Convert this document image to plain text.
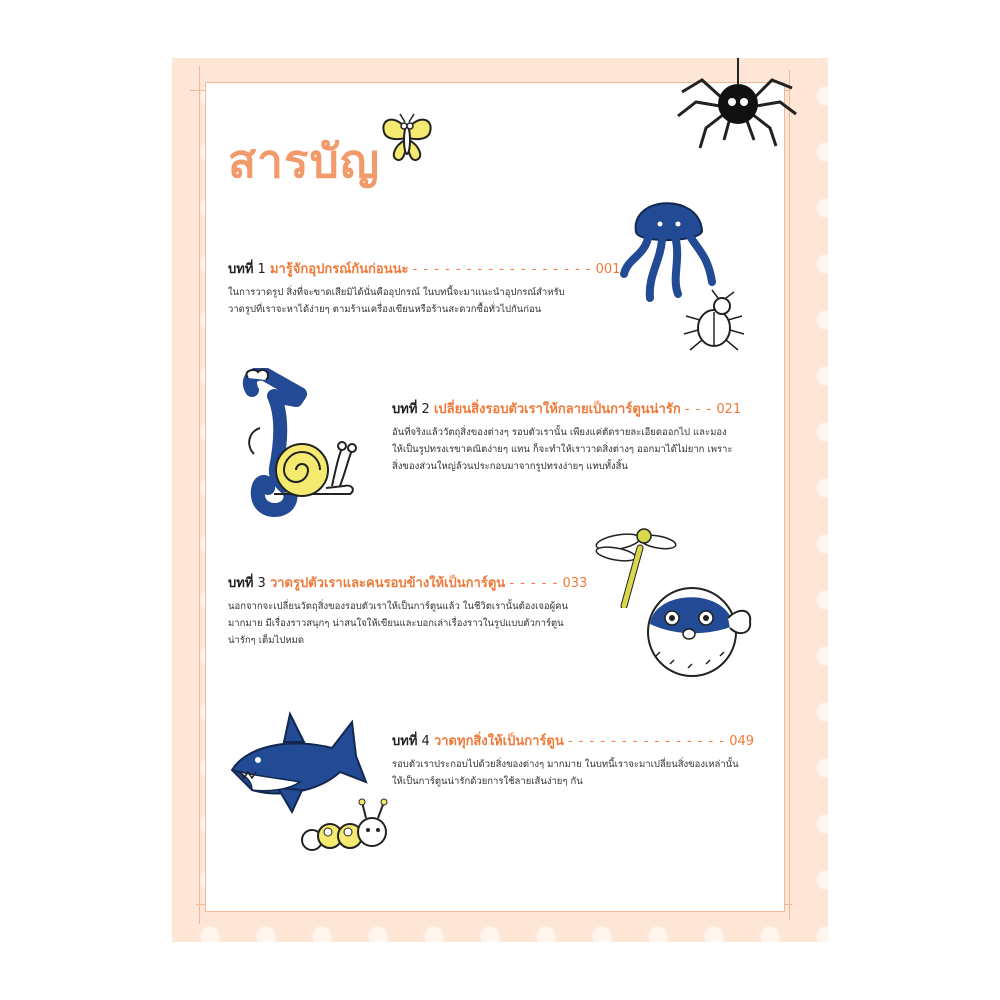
สารบัญ
บทที่ 1 มารู้จักอุปกรณ์กันก่อนนะ - - - - - - - - - - - - - - - - - 001
ในการวาดรูป สิ่งที่จะขาดเสียมิได้นั่นคืออุปกรณ์ ในบทนี้จะมาแนะนำอุปกรณ์สำหรับ
วาดรูปที่เราจะหาได้ง่ายๆ ตามร้านเครื่องเขียนหรือร้านสะดวกซื้อทั่วไปกันก่อน
บทที่ 2 เปลี่ยนสิ่งรอบตัวเราให้กลายเป็นการ์ตูนน่ารัก - - - 021
อันที่จริงแล้ววัตถุสิ่งของต่างๆ รอบตัวเรานั้น เพียงแค่ตัดรายละเอียดออกไป และมอง
ให้เป็นรูปทรงเรขาคณิตง่ายๆ แทน ก็จะทำให้เราวาดสิ่งต่างๆ ออกมาได้ไม่ยาก เพราะ
สิ่งของส่วนใหญ่ล้วนประกอบมาจากรูปทรงง่ายๆ แทบทั้งสิ้น
บทที่ 3 วาดรูปตัวเราและคนรอบข้างให้เป็นการ์ตูน - - - - - 033
นอกจากจะเปลี่ยนวัตถุสิ่งของรอบตัวเราให้เป็นการ์ตูนแล้ว ในชีวิตเรานั้นต้องเจอผู้คน
มากมาย มีเรื่องราวสนุกๆ น่าสนใจให้เขียนและบอกเล่าเรื่องราวในรูปแบบตัวการ์ตูน
น่ารักๆ เต็มไปหมด
บทที่ 4 วาดทุกสิ่งให้เป็นการ์ตูน - - - - - - - - - - - - - - - 049
รอบตัวเราประกอบไปด้วยสิ่งของต่างๆ มากมาย ในบทนี้เราจะมาเปลี่ยนสิ่งของเหล่านั้น
ให้เป็นการ์ตูนน่ารักด้วยการใช้ลายเส้นง่ายๆ กัน
